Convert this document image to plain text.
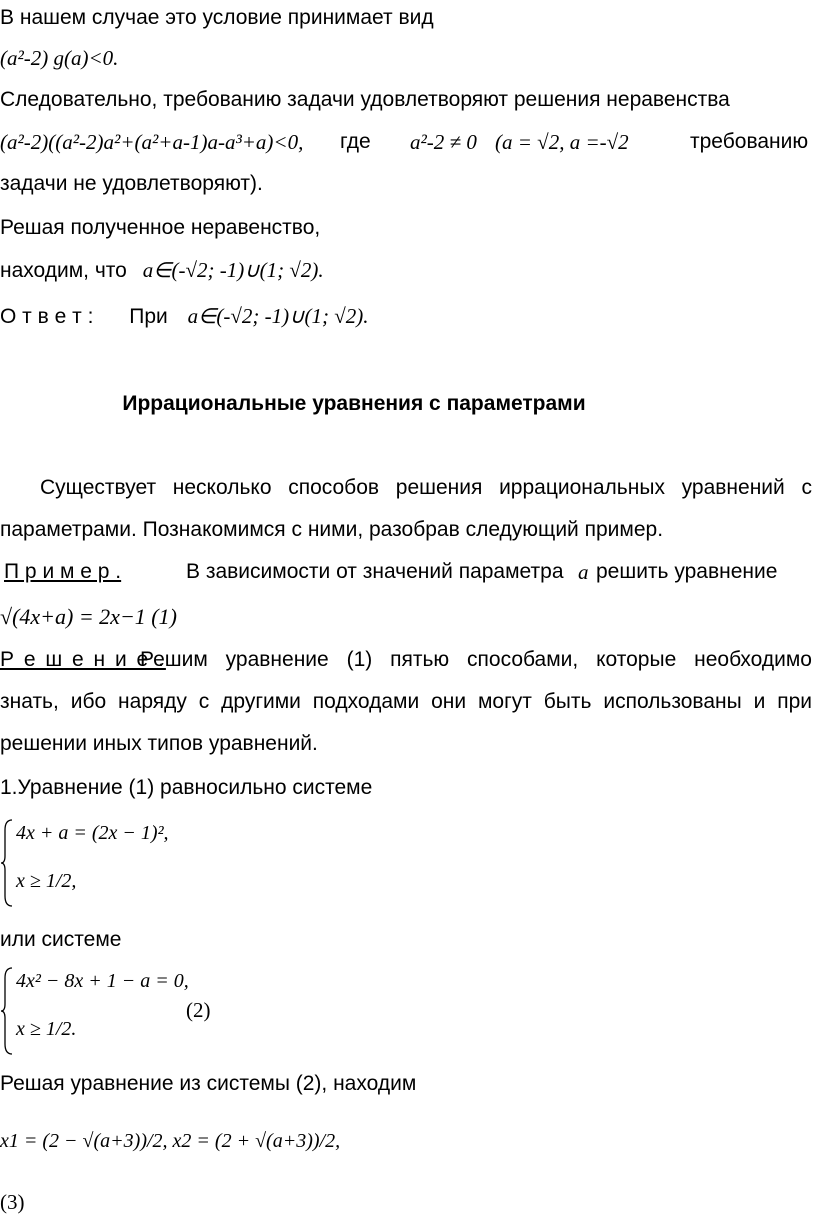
В нашем случае это условие принимает вид
(a²-2) g(a)<0.
Следовательно, требованию задачи удовлетворяют решения неравенства
(a²-2)((a²-2)a²+(a²+a-1)a-a³+a)<0, где a²-2 ≠ 0 (a = √2, a =-√2	требованию
задачи не удовлетворяют).
Решая полученное неравенство,
находим, что a∈(-√2; -1)∪(1; √2).
О т в е т : При a∈(-√2; -1)∪(1; √2).
Иррациональные уравнения с параметрами
Существует несколько способов решения иррациональных уравнений с
параметрами. Познакомимся с ними, разобрав следующий пример.
П р и м е р .	В зависимости от значений параметра a решить уравнение
√(4x+a) = 2x−1 (1)
Р е ш е н и е .
Решим уравнение (1) пятью способами, которые необходимо
знать, ибо наряду с другими подходами они могут быть использованы и при
решении иных типов уравнений.
1.Уравнение (1) равносильно системе
4x + a = (2x − 1)²,
x ≥ 1/2,
или системе
4x² − 8x + 1 − a = 0,
x ≥ 1/2.
(2)
Решая уравнение из системы (2), находим
x1 = (2 − √(a+3))/2, x2 = (2 + √(a+3))/2,
(3)
